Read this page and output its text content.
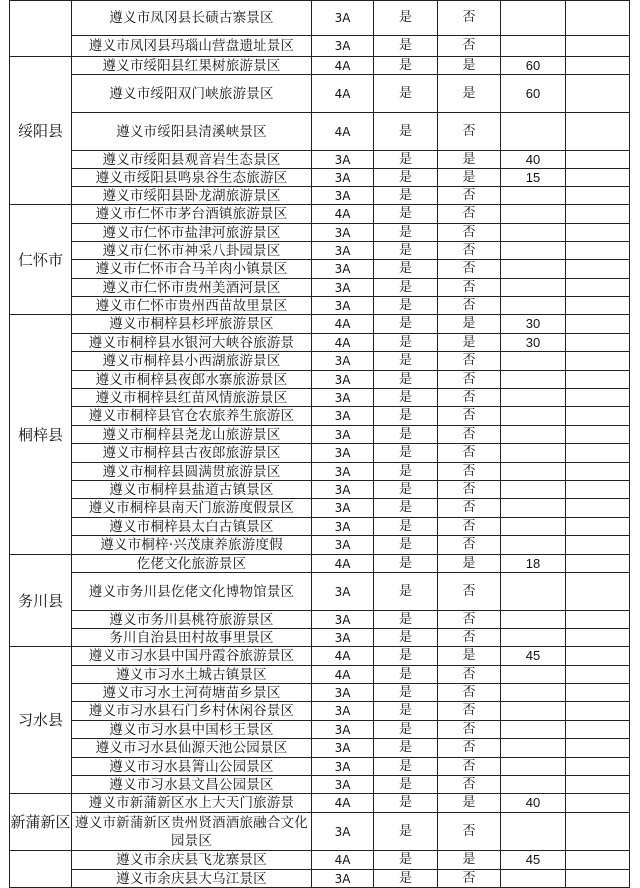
	遵义市凤冈县长碛古寨景区	3A	是	否		
	遵义市凤冈县玛瑙山营盘遗址景区	3A	是	否		
绥阳县	遵义市绥阳县红果树旅游景区	4A	是	是	60	
	遵义市绥阳双门峡旅游景区	4A	是	是	60	
	遵义市绥阳县清溪峡景区	4A	是	否		
	遵义市绥阳县观音岩生态景区	3A	是	是	40	
	遵义市绥阳县鸣泉谷生态旅游区	3A	是	是	15	
	遵义市绥阳县卧龙湖旅游景区	3A	是	否		
仁怀市	遵义市仁怀市茅台酒镇旅游景区	4A	是	否		
	遵义市仁怀市盐津河旅游景区	3A	是	否		
	遵义市仁怀市神采八卦园景区	3A	是	否		
	遵义市仁怀市合马羊肉小镇景区	3A	是	否		
	遵义市仁怀市贵州美酒河景区	3A	是	否		
	遵义市仁怀市贵州西苗故里景区	3A	是	否		
桐梓县	遵义市桐梓县杉坪旅游景区	4A	是	是	30	
	遵义市桐梓县水银河大峡谷旅游景	4A	是	是	30	
	遵义市桐梓县小西湖旅游景区	3A	是	否		
	遵义市桐梓县夜郎水寨旅游景区	3A	是	否		
	遵义市桐梓县红苗风情旅游景区	3A	是	否		
	遵义市桐梓县官仓农旅养生旅游区	3A	是	否		
	遵义市桐梓县尧龙山旅游景区	3A	是	否		
	遵义市桐梓县古夜郎旅游景区	3A	是	否		
	遵义市桐梓县圆满贯旅游景区	3A	是	否		
	遵义市桐梓县盐道古镇景区	3A	是	否		
	遵义市桐梓县南天门旅游度假景区	3A	是	否		
	遵义市桐梓县太白古镇景区	3A	是	否		
	遵义市桐梓·兴茂康养旅游度假	3A	是	否		
务川县	仡佬文化旅游景区	4A	是	是	18	
	遵义市务川县仡佬文化博物馆景区	3A	是	否		
	遵义市务川县桃符旅游景区	3A	是	否		
	务川自治县田村故事里景区	3A	是	否		
习水县	遵义市习水县中国丹霞谷旅游景区	4A	是	是	45	
	遵义市习水土城古镇景区	4A	是	否		
	遵义市习水土河荷塘苗乡景区	3A	是	否		
	遵义市习水县石门乡村休闲谷景区	3A	是	否		
	遵义市习水县中国杉王景区	3A	是	否		
	遵义市习水县仙源天池公园景区	3A	是	否		
	遵义市习水县箐山公园景区	3A	是	否		
	遵义市习水县文昌公园景区	3A	是	否		
新蒲新区	遵义市新蒲新区水上大天门旅游景	4A	是	是	40	
	遵义市新蒲新区贵州贤酒酒旅融合文化园景区	3A	是	否		
	遵义市余庆县飞龙寨景区	4A	是	是	45	
	遵义市余庆县大乌江景区	3A	是	否		
